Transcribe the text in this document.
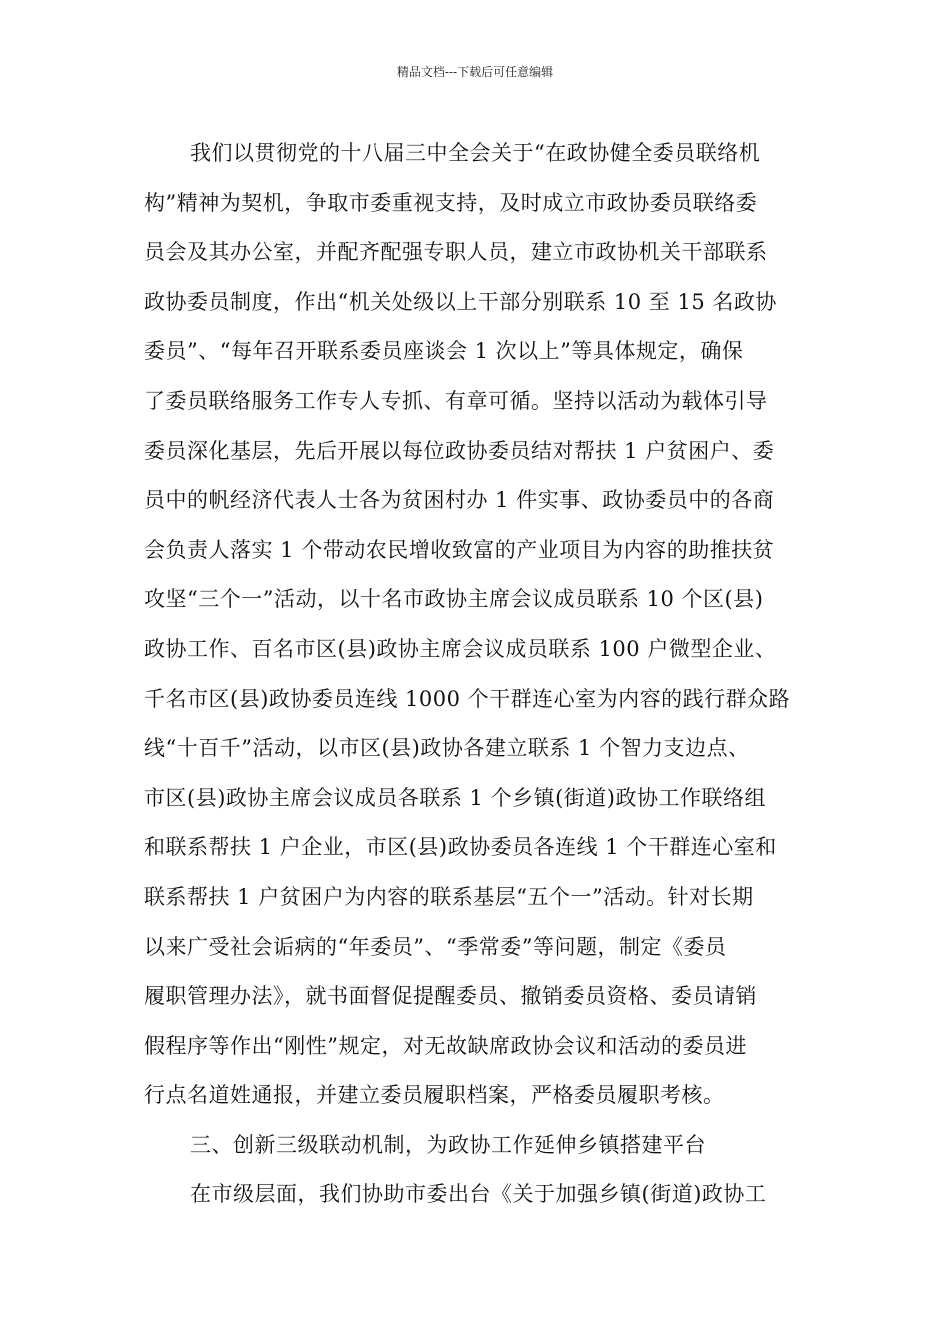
精品文档---下载后可任意编辑
我们以贯彻党的十八届三中全会关于“在政协健全委员联络机
构”精神为契机，争取市委重视支持，及时成立市政协委员联络委
员会及其办公室，并配齐配强专职人员，建立市政协机关干部联系
政协委员制度，作出“机关处级以上干部分别联系 10 至 15 名政协
委员”、“每年召开联系委员座谈会 1 次以上”等具体规定，确保
了委员联络服务工作专人专抓、有章可循。坚持以活动为载体引导
委员深化基层，先后开展以每位政协委员结对帮扶 1 户贫困户、委
员中的帆经济代表人士各为贫困村办 1 件实事、政协委员中的各商
会负责人落实 1 个带动农民增收致富的产业项目为内容的助推扶贫
攻坚“三个一”活动，以十名市政协主席会议成员联系 10 个区(县)
政协工作、百名市区(县)政协主席会议成员联系 100 户微型企业、
千名市区(县)政协委员连线 1000 个干群连心室为内容的践行群众路
线“十百千”活动，以市区(县)政协各建立联系 1 个智力支边点、
市区(县)政协主席会议成员各联系 1 个乡镇(街道)政协工作联络组
和联系帮扶 1 户企业，市区(县)政协委员各连线 1 个干群连心室和
联系帮扶 1 户贫困户为内容的联系基层“五个一”活动。针对长期
以来广受社会诟病的“年委员”、“季常委”等问题，制定《委员
履职管理办法》，就书面督促提醒委员、撤销委员资格、委员请销
假程序等作出“刚性”规定，对无故缺席政协会议和活动的委员进
行点名道姓通报，并建立委员履职档案，严格委员履职考核。
三、创新三级联动机制，为政协工作延伸乡镇搭建平台
在市级层面，我们协助市委出台《关于加强乡镇(街道)政协工
